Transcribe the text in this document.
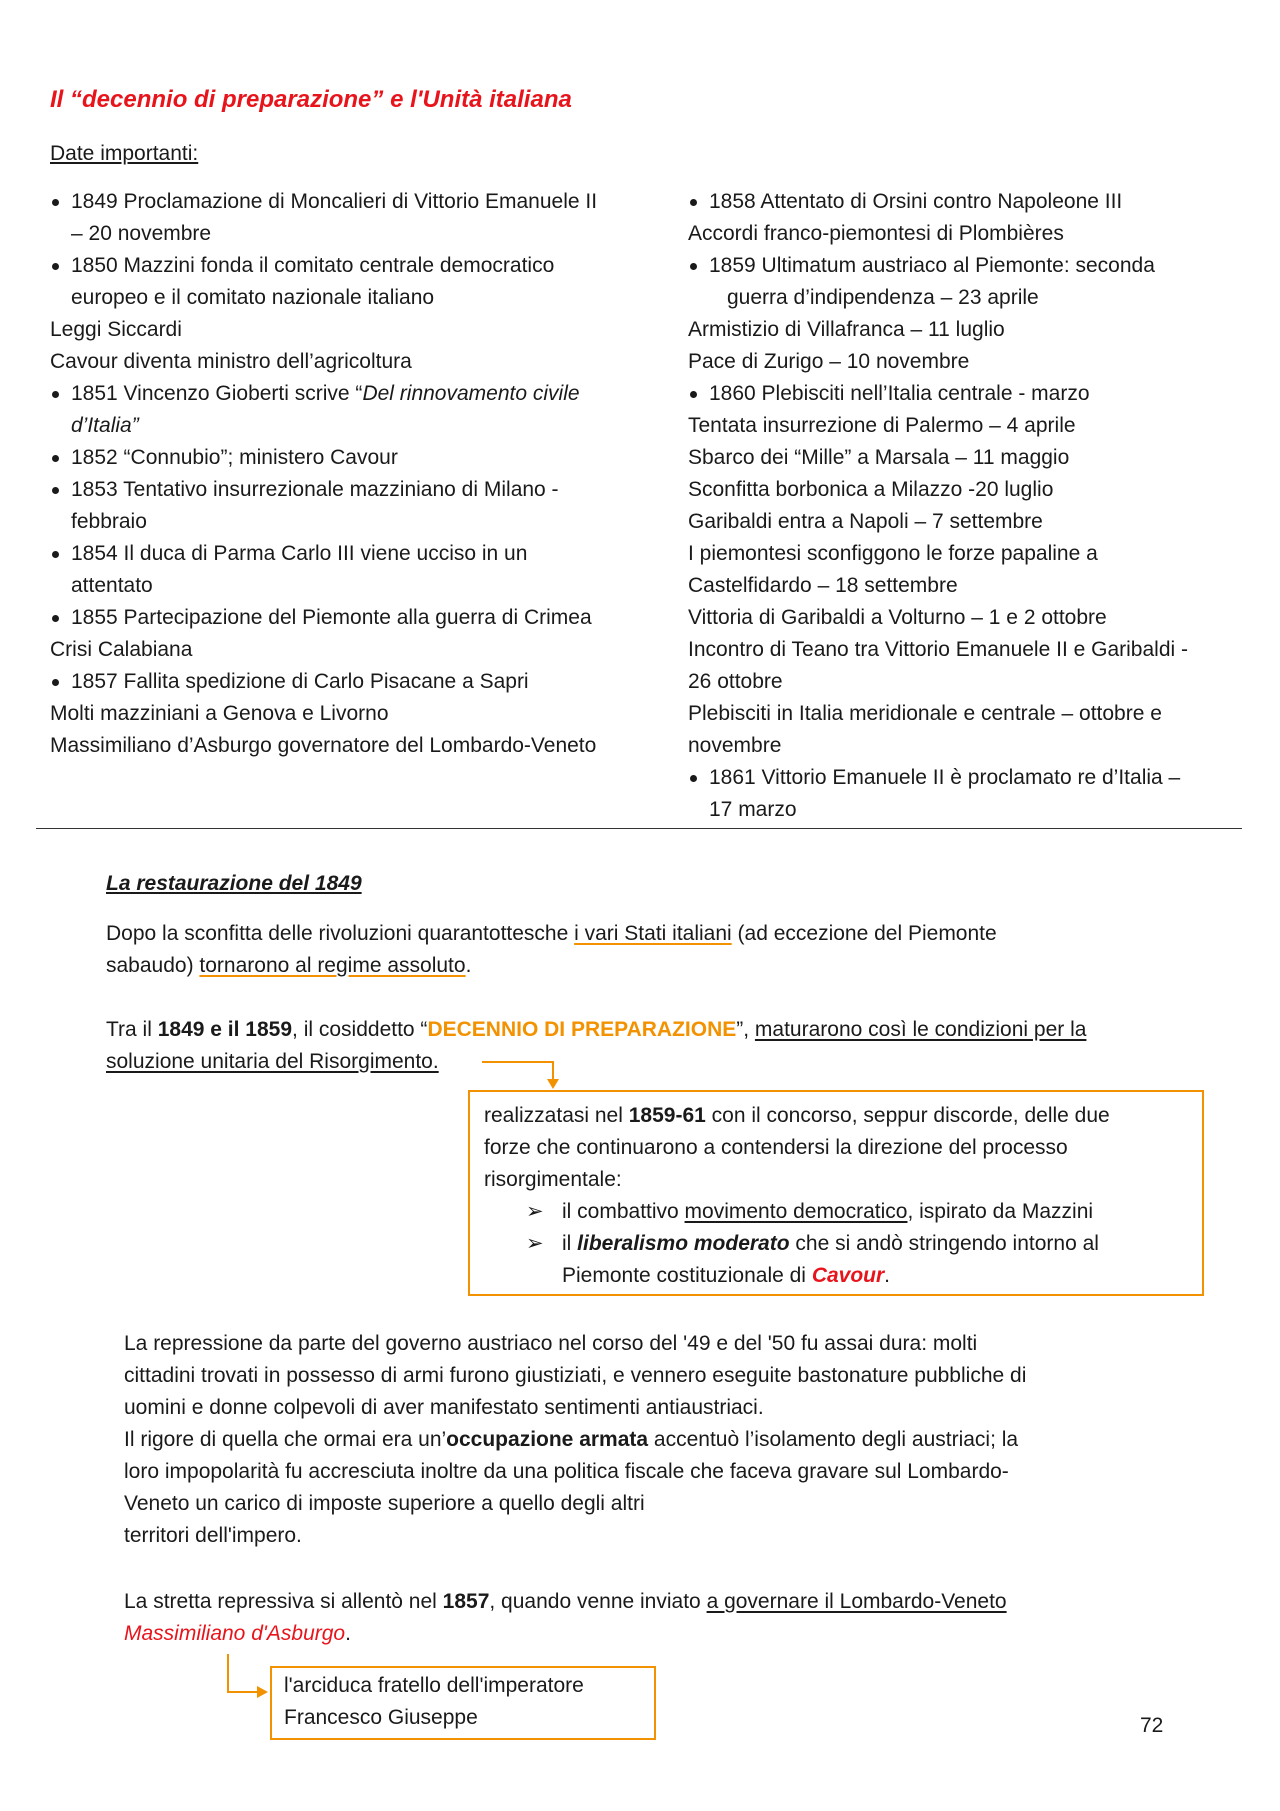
Il “decennio di preparazione” e l'Unità italiana
Date importanti:
1849 Proclamazione di Moncalieri di Vittorio Emanuele II
– 20 novembre
1850 Mazzini fonda il comitato centrale democratico
europeo e il comitato nazionale italiano
Leggi Siccardi
Cavour diventa ministro dell’agricoltura
1851 Vincenzo Gioberti scrive “Del rinnovamento civile
d’Italia”
1852 “Connubio”; ministero Cavour
1853 Tentativo insurrezionale mazziniano di Milano -
febbraio
1854 Il duca di Parma Carlo III viene ucciso in un
attentato
1855 Partecipazione del Piemonte alla guerra di Crimea
Crisi Calabiana
1857 Fallita spedizione di Carlo Pisacane a Sapri
Molti mazziniani a Genova e Livorno
Massimiliano d’Asburgo governatore del Lombardo-Veneto
1858 Attentato di Orsini contro Napoleone III
Accordi franco-piemontesi di Plombières
1859 Ultimatum austriaco al Piemonte: seconda
guerra d’indipendenza – 23 aprile
Armistizio di Villafranca – 11 luglio
Pace di Zurigo – 10 novembre
1860 Plebisciti nell’Italia centrale - marzo
Tentata insurrezione di Palermo – 4 aprile
Sbarco dei “Mille” a Marsala – 11 maggio
Sconfitta borbonica a Milazzo -20 luglio
Garibaldi entra a Napoli – 7 settembre
I piemontesi sconfiggono le forze papaline a
Castelfidardo – 18 settembre
Vittoria di Garibaldi a Volturno – 1 e 2 ottobre
Incontro di Teano tra Vittorio Emanuele II e Garibaldi -
26 ottobre
Plebisciti in Italia meridionale e centrale – ottobre e
novembre
1861 Vittorio Emanuele II è proclamato re d’Italia –
17 marzo
La restaurazione del 1849
Dopo la sconfitta delle rivoluzioni quarantottesche i vari Stati italiani (ad eccezione del Piemonte
sabaudo) tornarono al regime assoluto.
Tra il 1849 e il 1859, il cosiddetto “DECENNIO DI PREPARAZIONE”, maturarono così le condizioni per la
soluzione unitaria del Risorgimento.
realizzatasi nel 1859-61 con il concorso, seppur discorde, delle due
forze che continuarono a contendersi la direzione del processo
risorgimentale:
➢ il combattivo movimento democratico, ispirato da Mazzini
➢ il liberalismo moderato che si andò stringendo intorno al
Piemonte costituzionale di Cavour.
La repressione da parte del governo austriaco nel corso del '49 e del '50 fu assai dura: molti
cittadini trovati in possesso di armi furono giustiziati, e vennero eseguite bastonature pubbliche di
uomini e donne colpevoli di aver manifestato sentimenti antiaustriaci.
Il rigore di quella che ormai era un’occupazione armata accentuò l’isolamento degli austriaci; la
loro impopolarità fu accresciuta inoltre da una politica fiscale che faceva gravare sul Lombardo-
Veneto un carico di imposte superiore a quello degli altri
territori dell'impero.
La stretta repressiva si allentò nel 1857, quando venne inviato a governare il Lombardo-Veneto
Massimiliano d'Asburgo.
l'arciduca fratello dell'imperatore
Francesco Giuseppe	72
